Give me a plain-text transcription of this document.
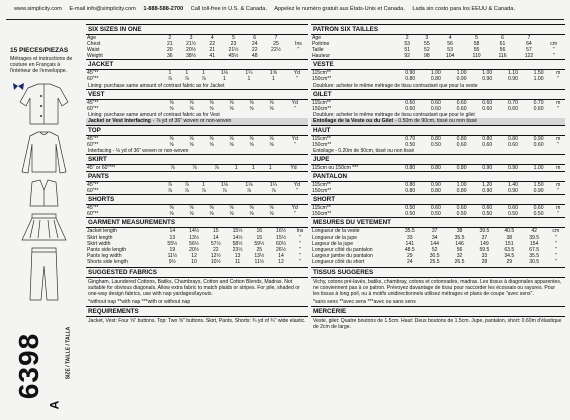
www.simplicity.com E-mail info@simplicity.com 1-888-588-2700 Call toll-free in U.S. & Canada. Appelez le numéro gratuit aux États-Unis et Canada. Lada sin costo para los EEUU & Canada.
15 PIECES/PIEZAS
Métrages et instructions de couture en Français à l'intérieur de l'enveloppe.
6398	SIZE / TAILLE / TALLA
A
SIX SIZES IN ONE
Age	2	3	4	5	6	7	
Chest	21	21½	22	23	24	25	Ins
Waist	20	20½	21	21½	22	22½	"
Weight	36	38½	41	45½	48		
JACKET
45"**	1	1	1	1⅛	1¼	1⅝	Yd
60"**	⅞	⅞	⅞	1	1	1	"
Lining: purchase same amount of contrast fabric as for Jacket
VEST
45"**	⅝	⅝	⅝	⅝	⅝	⅝	Yd
60"**	⅝	⅝	⅝	⅝	⅝	⅝	"
Lining: purchase same amount of contrast fabric as for Vest
Jacket or Vest Interfacing - ⅞ yd of 36" woven or non-woven
TOP
45"**	⅝	⅝	⅝	⅝	⅝	⅝	Yd
60"**	⅝	⅝	⅝	⅝	⅝	⅝	"
Interfacing - ⅛ yd of 36" woven or non-woven
SKIRT
45" or 60"***	⅞	⅞	⅞	1	1	1	Yd
PANTS
45"**	⅞	⅞	1	1⅛	1⅛	1¼	Yd
60"**	⅞	⅞	⅞	⅞	⅞	⅞	"
SHORTS
45"**	⅝	⅝	⅝	⅝	⅝	⅝	Yd
60"**	⅝	⅝	⅝	⅝	⅝	⅝	"
GARMENT MEASUREMENTS
Jacket length	14	14½	15	15½	16	16½	Ins
Skirt length	13	13½	14	14½	15	15½	"
Skirt width	55½	56½	57½	58½	59½	60½	"
Pants side length	19	20½	22	23½	25	26½	"
Pants leg width	11½	12	12½	13	13½	14	"
Shorts side length	9½	10	10½	11	11½	12	"
SUGGESTED FABRICS
Gingham, Laundered Cottons, Batiks, Chambrays, Cotton and Cotton Blends, Madras. Not suitable for obvious diagonals. Allow extra fabric to match plaids or stripes. For pile, shaded or one-way design fabrics, use with nap yardages/layouts.
*without nap **with nap ***with or without nap
REQUIREMENTS
Jacket, Vest: Four ⅝" buttons. Top: Two ⅝" buttons. Skirt, Pants, Shorts: ¾ yd of ¾" wide elastic.
PATRON SIX TAILLES
Age	2	3	4	5	6	7	
Poitrine	53	55	56	58	61	64	cm
Taille	51	52	53	55	56	57	"
Hauteur	92	98	104	110	116	122	"
VESTE
115cm**	0.90	1.00	1.00	1.00	1.10	1.50	m
150cm**	0.80	0.80	0.90	0.90	0.90	1.00	"
Doublure: acheter le même métrage de tissu contrastant que pour la veste
GILET
115cm**	0.60	0.60	0.60	0.60	0.70	0.70	m
150cm**	0.60	0.60	0.60	0.60	0.60	0.60	"
Doublure: acheter le même métrage de tissu contrastant que pour le gilet
Entoilage de la Veste ou du Gilet - 0.50m de 90cm, tissé ou non tissé
HAUT
115cm**	0.70	0.80	0.80	0.80	0.80	0.90	m
150cm**	0.50	0.50	0.60	0.60	0.60	0.60	"
Entoilage - 0.20m de 90cm, tissé ou non tissé
JUPE
115cm ou 150cm ***	0.80	0.80	0.80	0.90	0.90	1.00	m
PANTALON
115cm**	0.80	0.90	1.00	1.20	1.40	1.50	m
150cm**	0.80	0.80	0.80	0.90	0.90	0.90	"
SHORT
115cm**	0.50	0.60	0.60	0.60	0.60	0.60	m
150cm**	0.50	0.50	0.50	0.50	0.50	0.50	"
MESURES DU VETEMENT
Longueur de la veste	35.5	37	38	39.5	40.5	42	cm
Longueur de la jupe	33	34	35.5	37	38	39.5	"
Largeur de la jupe	141	144	146	149	151	154	"
Longueur côté du pantalon	48.5	52	56	59.5	63.5	67.5	"
Largeur jambe du pantalon	29	30.5	32	33	34.5	35.5	"
Longueur côté du short	24	25.5	26.5	28	29	30.5	"
TISSUS SUGGERES
Vichy, cotons pré-lavés, batiks, chambray, cotons et cotonnades, madras. Les tissus à diagonales apparentes, ne conviennent pas à ce patron. Prévoyez davantage de tissu pour raccorder les écossais ou rayures. Pour les tissus à long poil, ou à motifs unidirectionnels utilisez métrages et plans de coupe "avec sens".
*sans sens **avec sens ***avec ou sans sens
MERCERIE
Veste, gilet: Quatre boutons de 1.5cm. Haut: Deux boutons de 1.5cm. Jupe, pantalon, short: 0.60m d'élastique de 2cm de large.
